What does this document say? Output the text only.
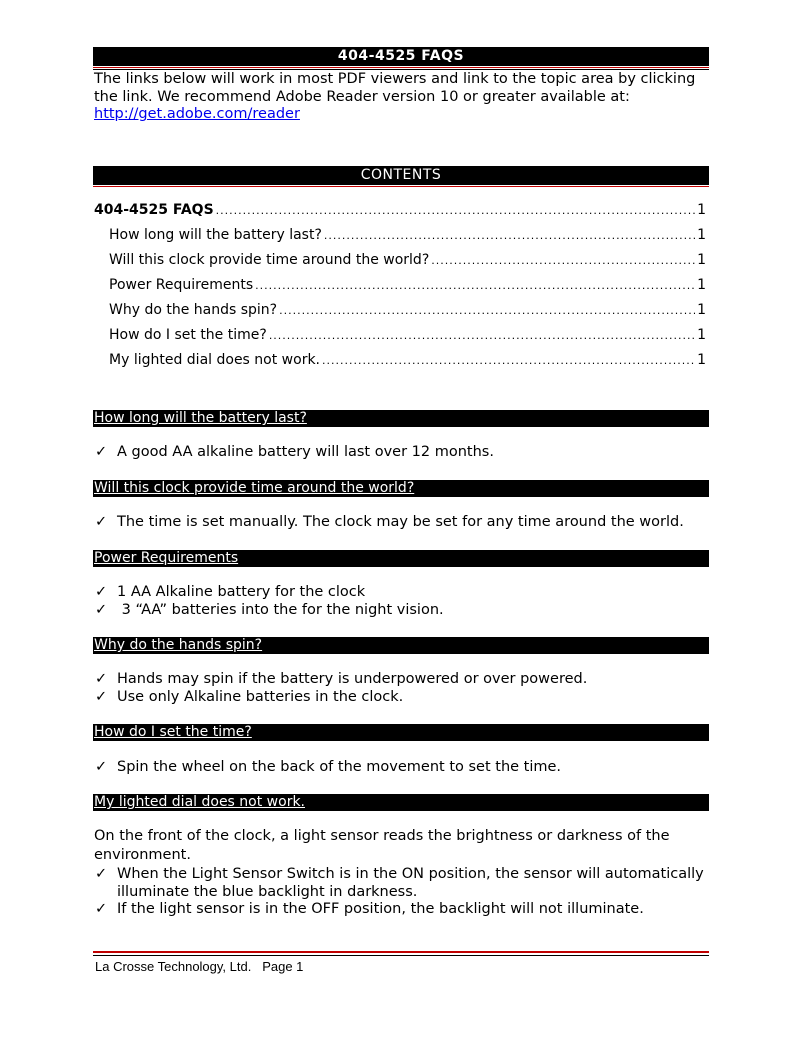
404-4525 FAQS
The links below will work in most PDF viewers and link to the topic area by clicking the link. We recommend Adobe Reader version 10 or greater available at:
http://get.adobe.com/reader
CONTENTS
404-4525 FAQS .....	1
How long will the battery last? .....	1
Will this clock provide time around the world? .....	1
Power Requirements .....	1
Why do the hands spin? .....	1
How do I set the time? .....	1
My lighted dial does not work. .....	1
How long will the battery last?
✓ A good AA alkaline battery will last over 12 months.
Will this clock provide time around the world?
✓ The time is set manually. The clock may be set for any time around the world.
Power Requirements
✓ 1 AA Alkaline battery for the clock
✓ 3 “AA” batteries into the for the night vision.
Why do the hands spin?
✓ Hands may spin if the battery is underpowered or over powered.
✓ Use only Alkaline batteries in the clock.
How do I set the time?
✓ Spin the wheel on the back of the movement to set the time.
My lighted dial does not work.
On the front of the clock, a light sensor reads the brightness or darkness of the environment.
✓ When the Light Sensor Switch is in the ON position, the sensor will automatically illuminate the blue backlight in darkness.
✓ If the light sensor is in the OFF position, the backlight will not illuminate.
La Crosse Technology, Ltd. Page 1
